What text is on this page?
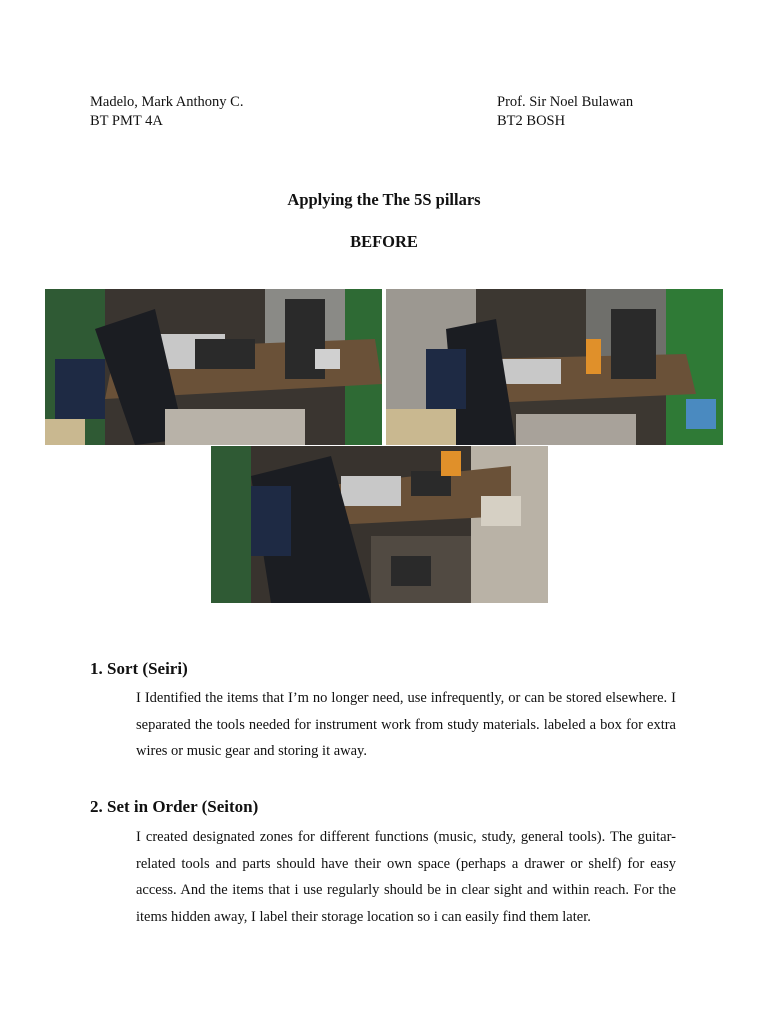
Madelo, Mark Anthony C.
BT PMT 4A
Prof. Sir Noel Bulawan
BT2 BOSH
Applying the The 5S pillars
BEFORE
1. Sort (Seiri)
I Identified the items that I’m no longer need, use infrequently, or can be stored elsewhere. I separated the tools needed for instrument work from study materials. labeled a box for extra wires or music gear and storing it away.
2. Set in Order (Seiton)
I created designated zones for different functions (music, study, general tools). The guitar-related tools and parts should have their own space (perhaps a drawer or shelf) for easy access. And the items that i use regularly should be in clear sight and within reach. For the items hidden away, I label their storage location so i can easily find them later.
